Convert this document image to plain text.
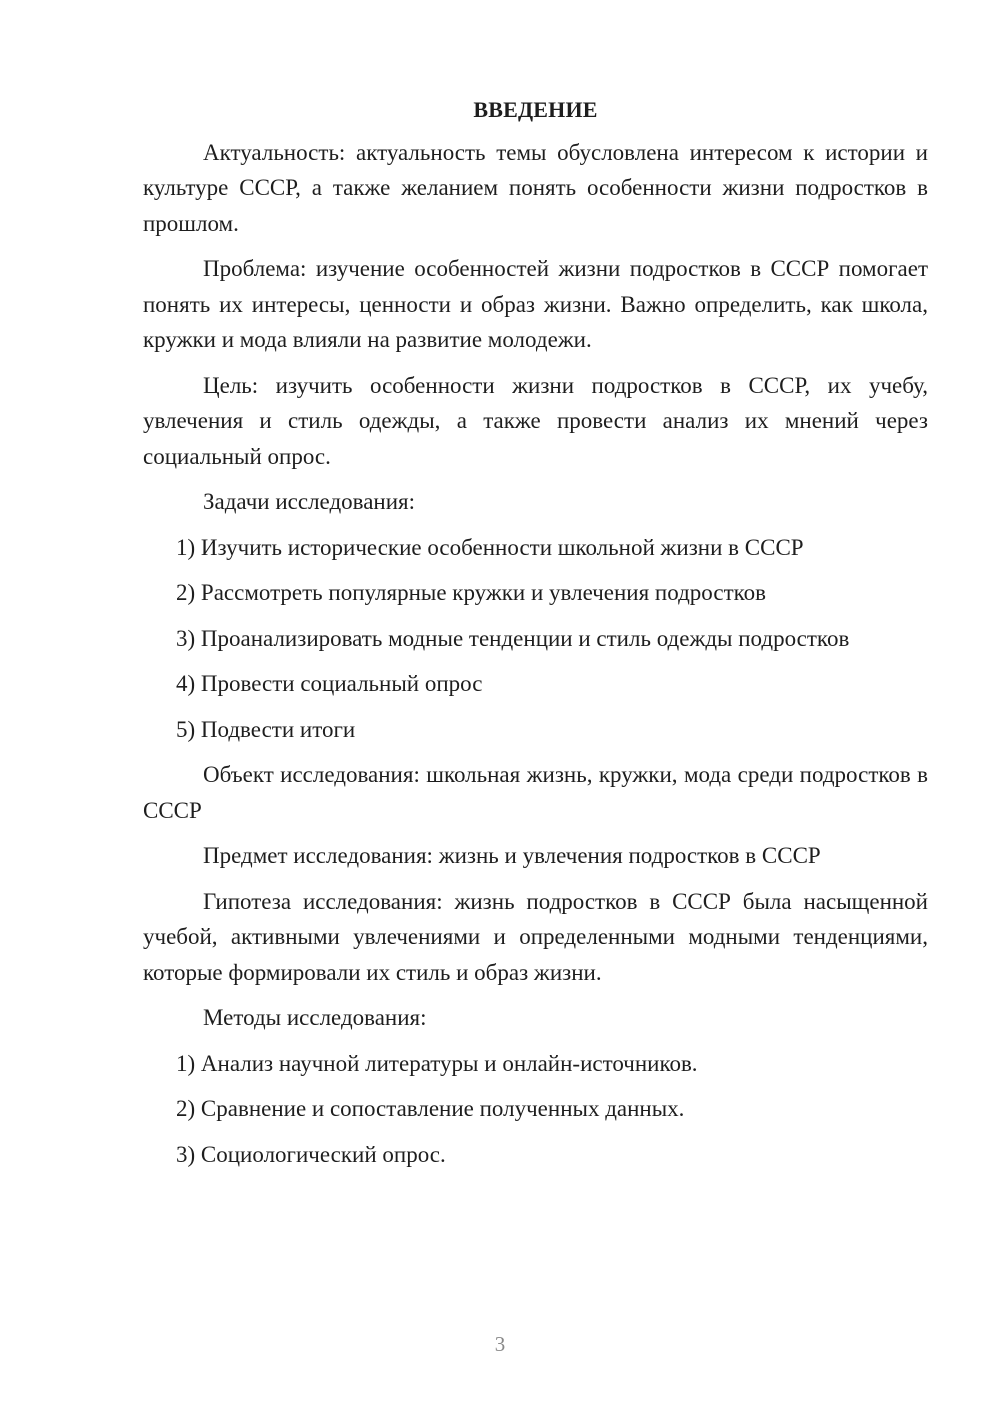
ВВЕДЕНИЕ

Актуальность: актуальность темы обусловлена интересом к истории и культуре СССР, а также желанием понять особенности жизни подростков в прошлом.

Проблема: изучение особенностей жизни подростков в СССР помогает понять их интересы, ценности и образ жизни. Важно определить, как школа, кружки и мода влияли на развитие молодежи.

Цель: изучить особенности жизни подростков в СССР, их учебу, увлечения и стиль одежды, а также провести анализ их мнений через социальный опрос.

Задачи исследования:

1) Изучить исторические особенности школьной жизни в СССР
2) Рассмотреть популярные кружки и увлечения подростков
3) Проанализировать модные тенденции и стиль одежды подростков
4) Провести социальный опрос
5) Подвести итоги

Объект исследования: школьная жизнь, кружки, мода среди подростков в СССР

Предмет исследования: жизнь и увлечения подростков в СССР

Гипотеза исследования: жизнь подростков в СССР была насыщенной учебой, активными увлечениями и определенными модными тенденциями, которые формировали их стиль и образ жизни.

Методы исследования:

1) Анализ научной литературы и онлайн-источников.
2) Сравнение и сопоставление полученных данных.
3) Социологический опрос.
3
